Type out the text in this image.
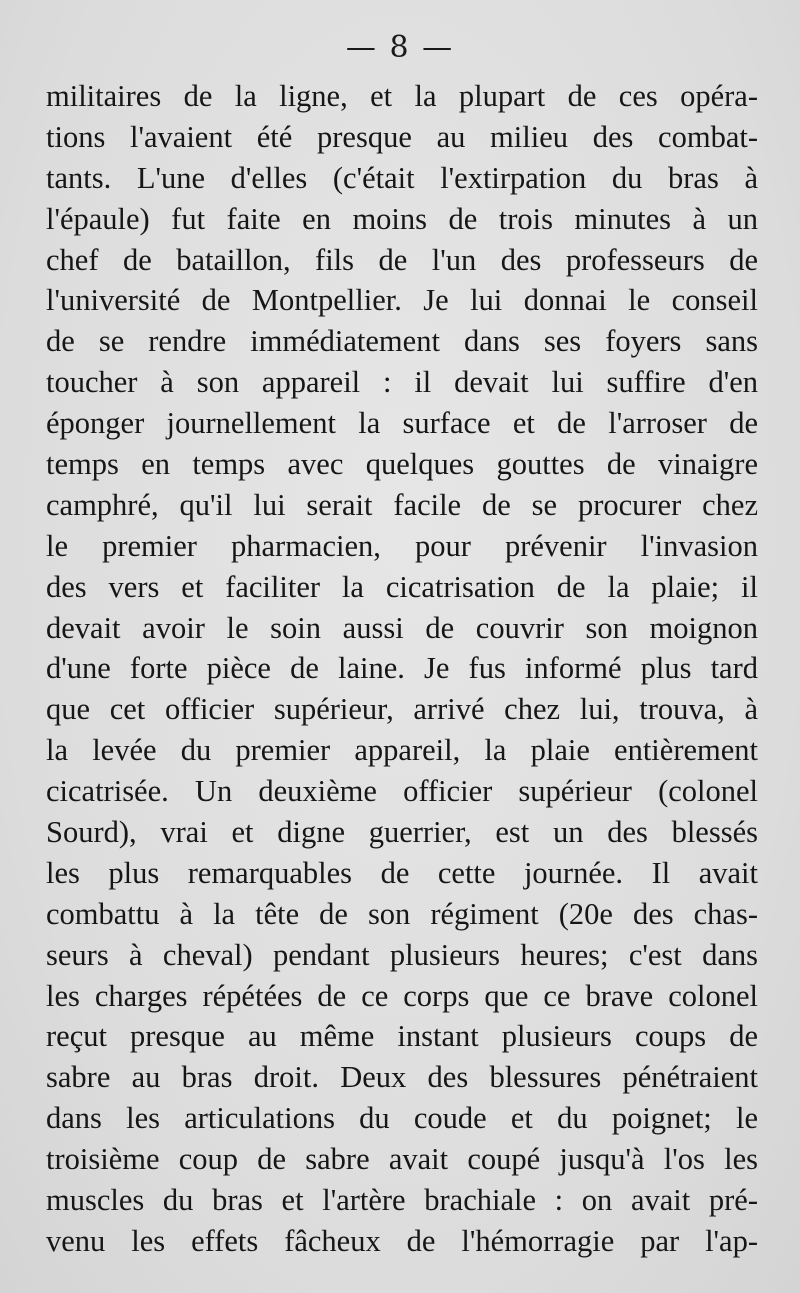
— 8 —
militaires de la ligne, et la plupart de ces opéra-
tions l'avaient été presque au milieu des combat-
tants. L'une d'elles (c'était l'extirpation du bras à
l'épaule) fut faite en moins de trois minutes à un
chef de bataillon, fils de l'un des professeurs de
l'université de Montpellier. Je lui donnai le conseil
de se rendre immédiatement dans ses foyers sans
toucher à son appareil : il devait lui suffire d'en
éponger journellement la surface et de l'arroser de
temps en temps avec quelques gouttes de vinaigre
camphré, qu'il lui serait facile de se procurer chez
le premier pharmacien, pour prévenir l'invasion
des vers et faciliter la cicatrisation de la plaie; il
devait avoir le soin aussi de couvrir son moignon
d'une forte pièce de laine. Je fus informé plus tard
que cet officier supérieur, arrivé chez lui, trouva, à
la levée du premier appareil, la plaie entièrement
cicatrisée. Un deuxième officier supérieur (colonel
Sourd), vrai et digne guerrier, est un des blessés
les plus remarquables de cette journée. Il avait
combattu à la tête de son régiment (20e des chas-
seurs à cheval) pendant plusieurs heures; c'est dans
les charges répétées de ce corps que ce brave colonel
reçut presque au même instant plusieurs coups de
sabre au bras droit. Deux des blessures pénétraient
dans les articulations du coude et du poignet; le
troisième coup de sabre avait coupé jusqu'à l'os les
muscles du bras et l'artère brachiale : on avait pré-
venu les effets fâcheux de l'hémorragie par l'ap-
